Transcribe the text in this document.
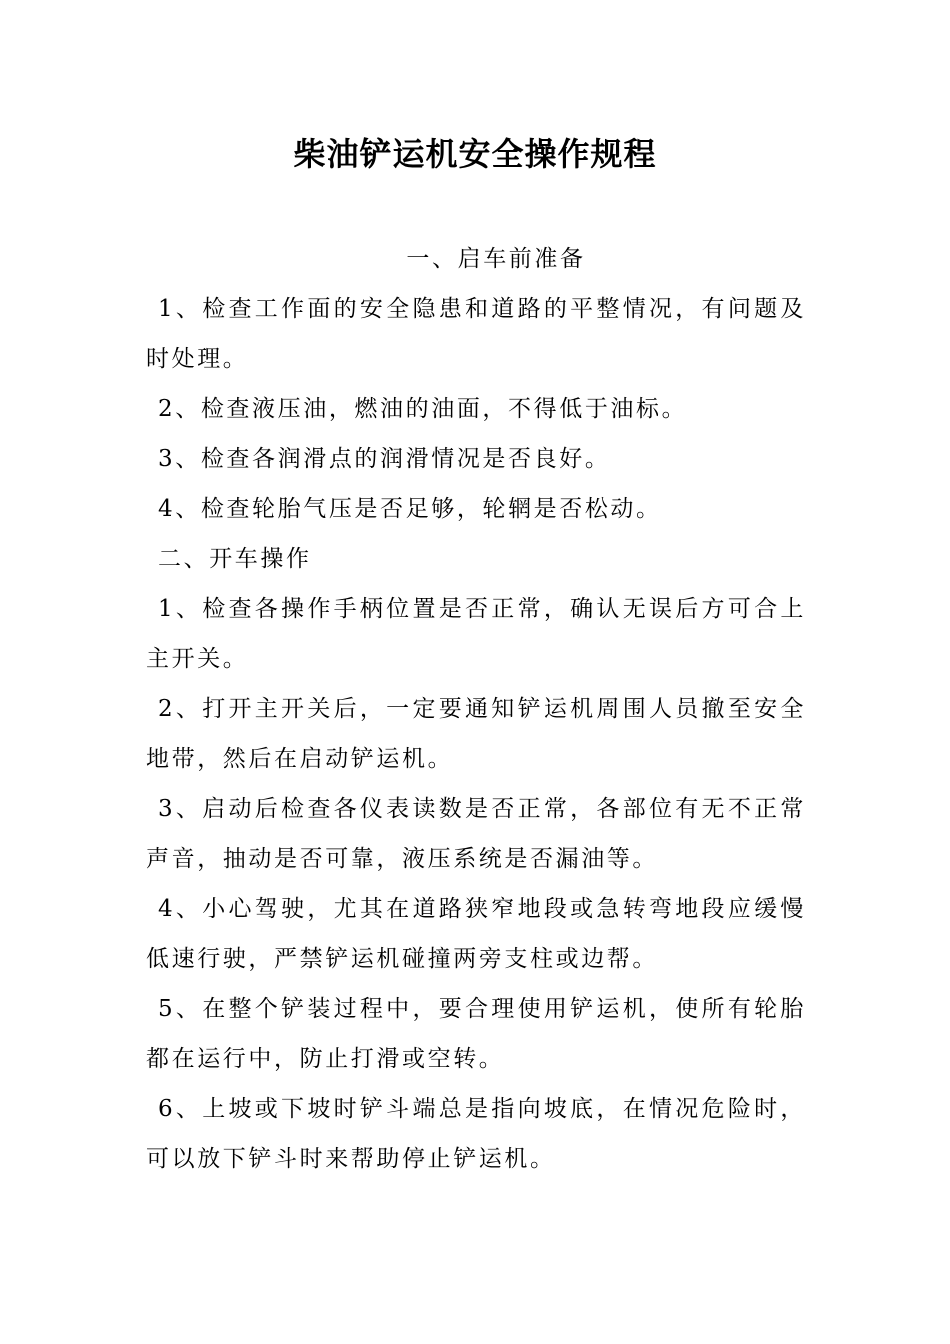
柴油铲运机安全操作规程

一、启车前准备

1、检查工作面的安全隐患和道路的平整情况，有问题及时处理。

2、检查液压油，燃油的油面，不得低于油标。

3、检查各润滑点的润滑情况是否良好。

4、检查轮胎气压是否足够，轮辋是否松动。

二、开车操作

1、检查各操作手柄位置是否正常，确认无误后方可合上主开关。

2、打开主开关后，一定要通知铲运机周围人员撤至安全地带，然后在启动铲运机。

3、启动后检查各仪表读数是否正常，各部位有无不正常声音，抽动是否可靠，液压系统是否漏油等。

4、小心驾驶，尤其在道路狭窄地段或急转弯地段应缓慢低速行驶，严禁铲运机碰撞两旁支柱或边帮。

5、在整个铲装过程中，要合理使用铲运机，使所有轮胎都在运行中，防止打滑或空转。

6、上坡或下坡时铲斗端总是指向坡底，在情况危险时，可以放下铲斗时来帮助停止铲运机。
